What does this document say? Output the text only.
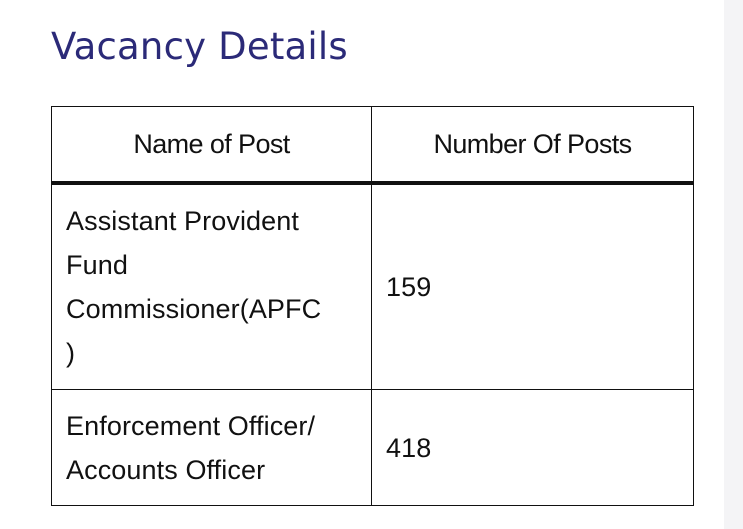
Vacancy Details
Name of Post	Number Of Posts
Assistant Provident
Fund
Commissioner(APFC
)	159
Enforcement Officer/
Accounts Officer	418
